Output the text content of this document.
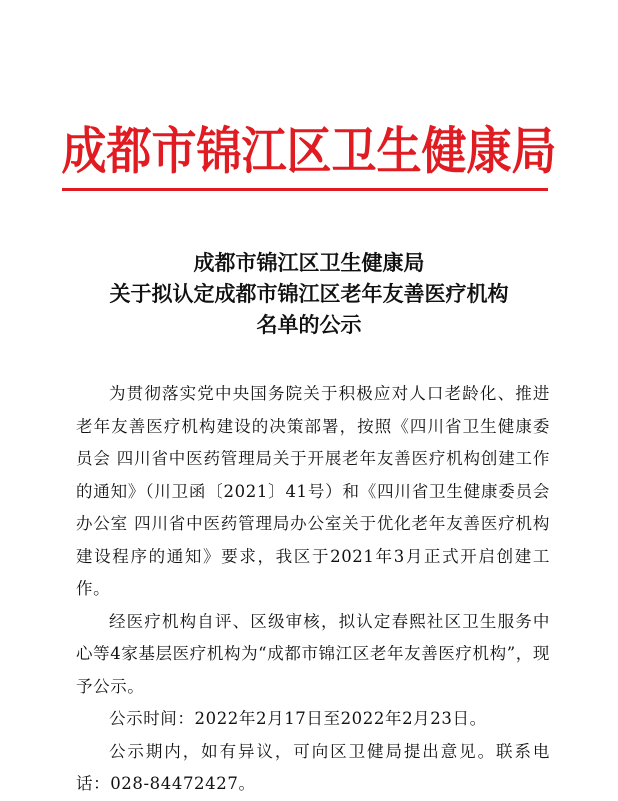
成都市锦江区卫生健康局
成都市锦江区卫生健康局
关于拟认定成都市锦江区老年友善医疗机构
名单的公示

为贯彻落实党中央国务院关于积极应对人口老龄化、推进老年友善医疗机构建设的决策部署，按照《四川省卫生健康委员会 四川省中医药管理局关于开展老年友善医疗机构创建工作的通知》（川卫函〔2021〕41号）和《四川省卫生健康委员会办公室 四川省中医药管理局办公室关于优化老年友善医疗机构建设程序的通知》要求，我区于2021年3月正式开启创建工作。

经医疗机构自评、区级审核，拟认定春熙社区卫生服务中心等4家基层医疗机构为“成都市锦江区老年友善医疗机构”，现予公示。

公示时间：2022年2月17日至2022年2月23日。

公示期内，如有异议，可向区卫健局提出意见。联系电话：028-84472427。
